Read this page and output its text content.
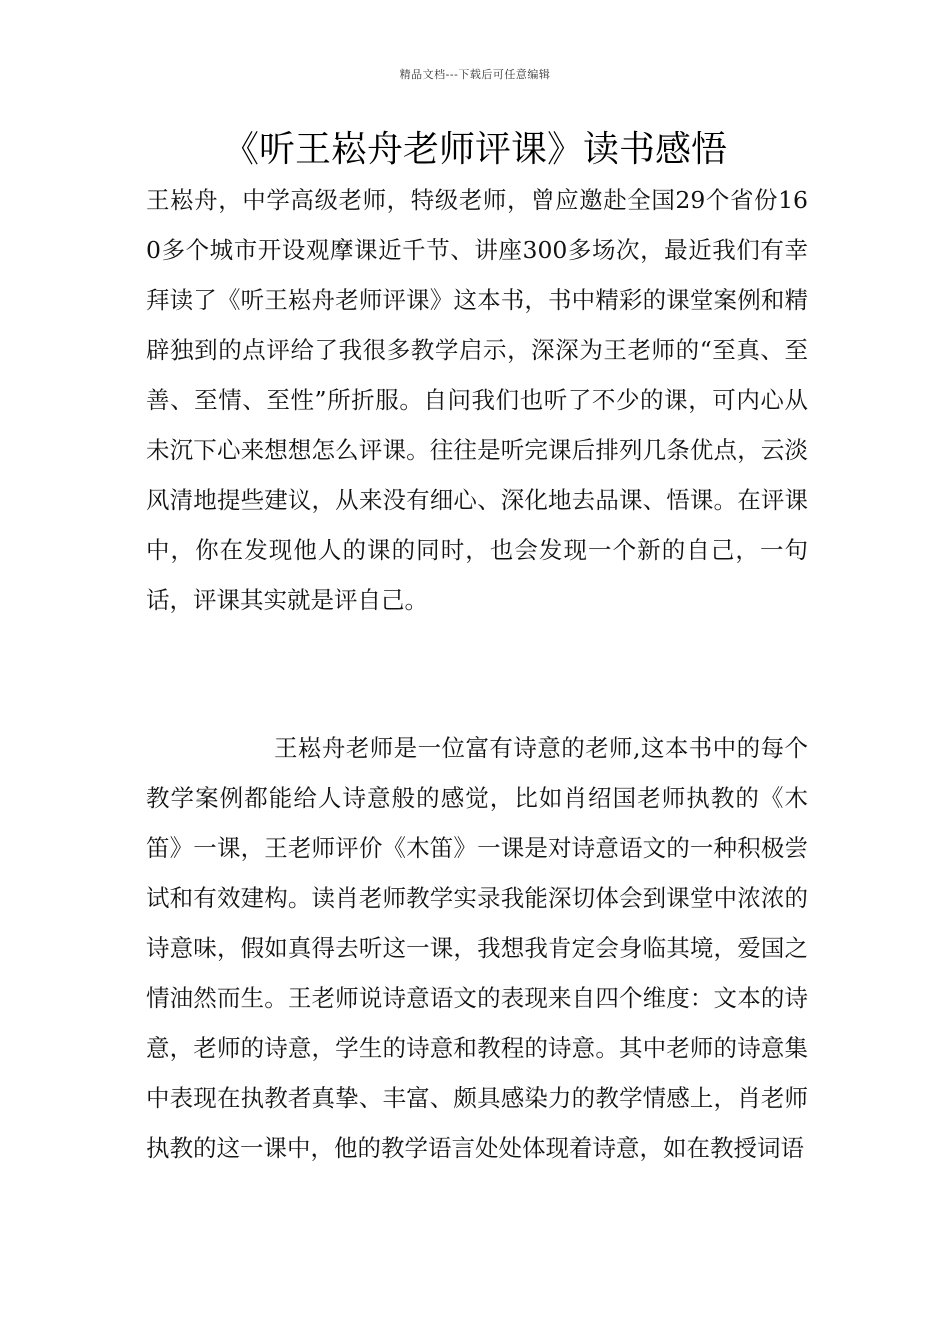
精品文档---下载后可任意编辑
《听王崧舟老师评课》读书感悟

王崧舟，中学高级老师，特级老师，曾应邀赴全国29个省份160多个城市开设观摩课近千节、讲座300多场次，最近我们有幸拜读了《听王崧舟老师评课》这本书，书中精彩的课堂案例和精辟独到的点评给了我很多教学启示，深深为王老师的“至真、至善、至情、至性”所折服。自问我们也听了不少的课，可内心从未沉下心来想想怎么评课。往往是听完课后排列几条优点，云淡风清地提些建议，从来没有细心、深化地去品课、悟课。在评课中，你在发现他人的课的同时，也会发现一个新的自己，一句话，评课其实就是评自己。

王崧舟老师是一位富有诗意的老师,这本书中的每个教学案例都能给人诗意般的感觉，比如肖绍国老师执教的《木笛》一课，王老师评价《木笛》一课是对诗意语文的一种积极尝试和有效建构。读肖老师教学实录我能深切体会到课堂中浓浓的诗意味，假如真得去听这一课，我想我肯定会身临其境，爱国之情油然而生。王老师说诗意语文的表现来自四个维度：文本的诗意，老师的诗意，学生的诗意和教程的诗意。其中老师的诗意集中表现在执教者真挚、丰富、颇具感染力的教学情感上，肖老师执教的这一课中，他的教学语言处处体现着诗意，如在教授词语
